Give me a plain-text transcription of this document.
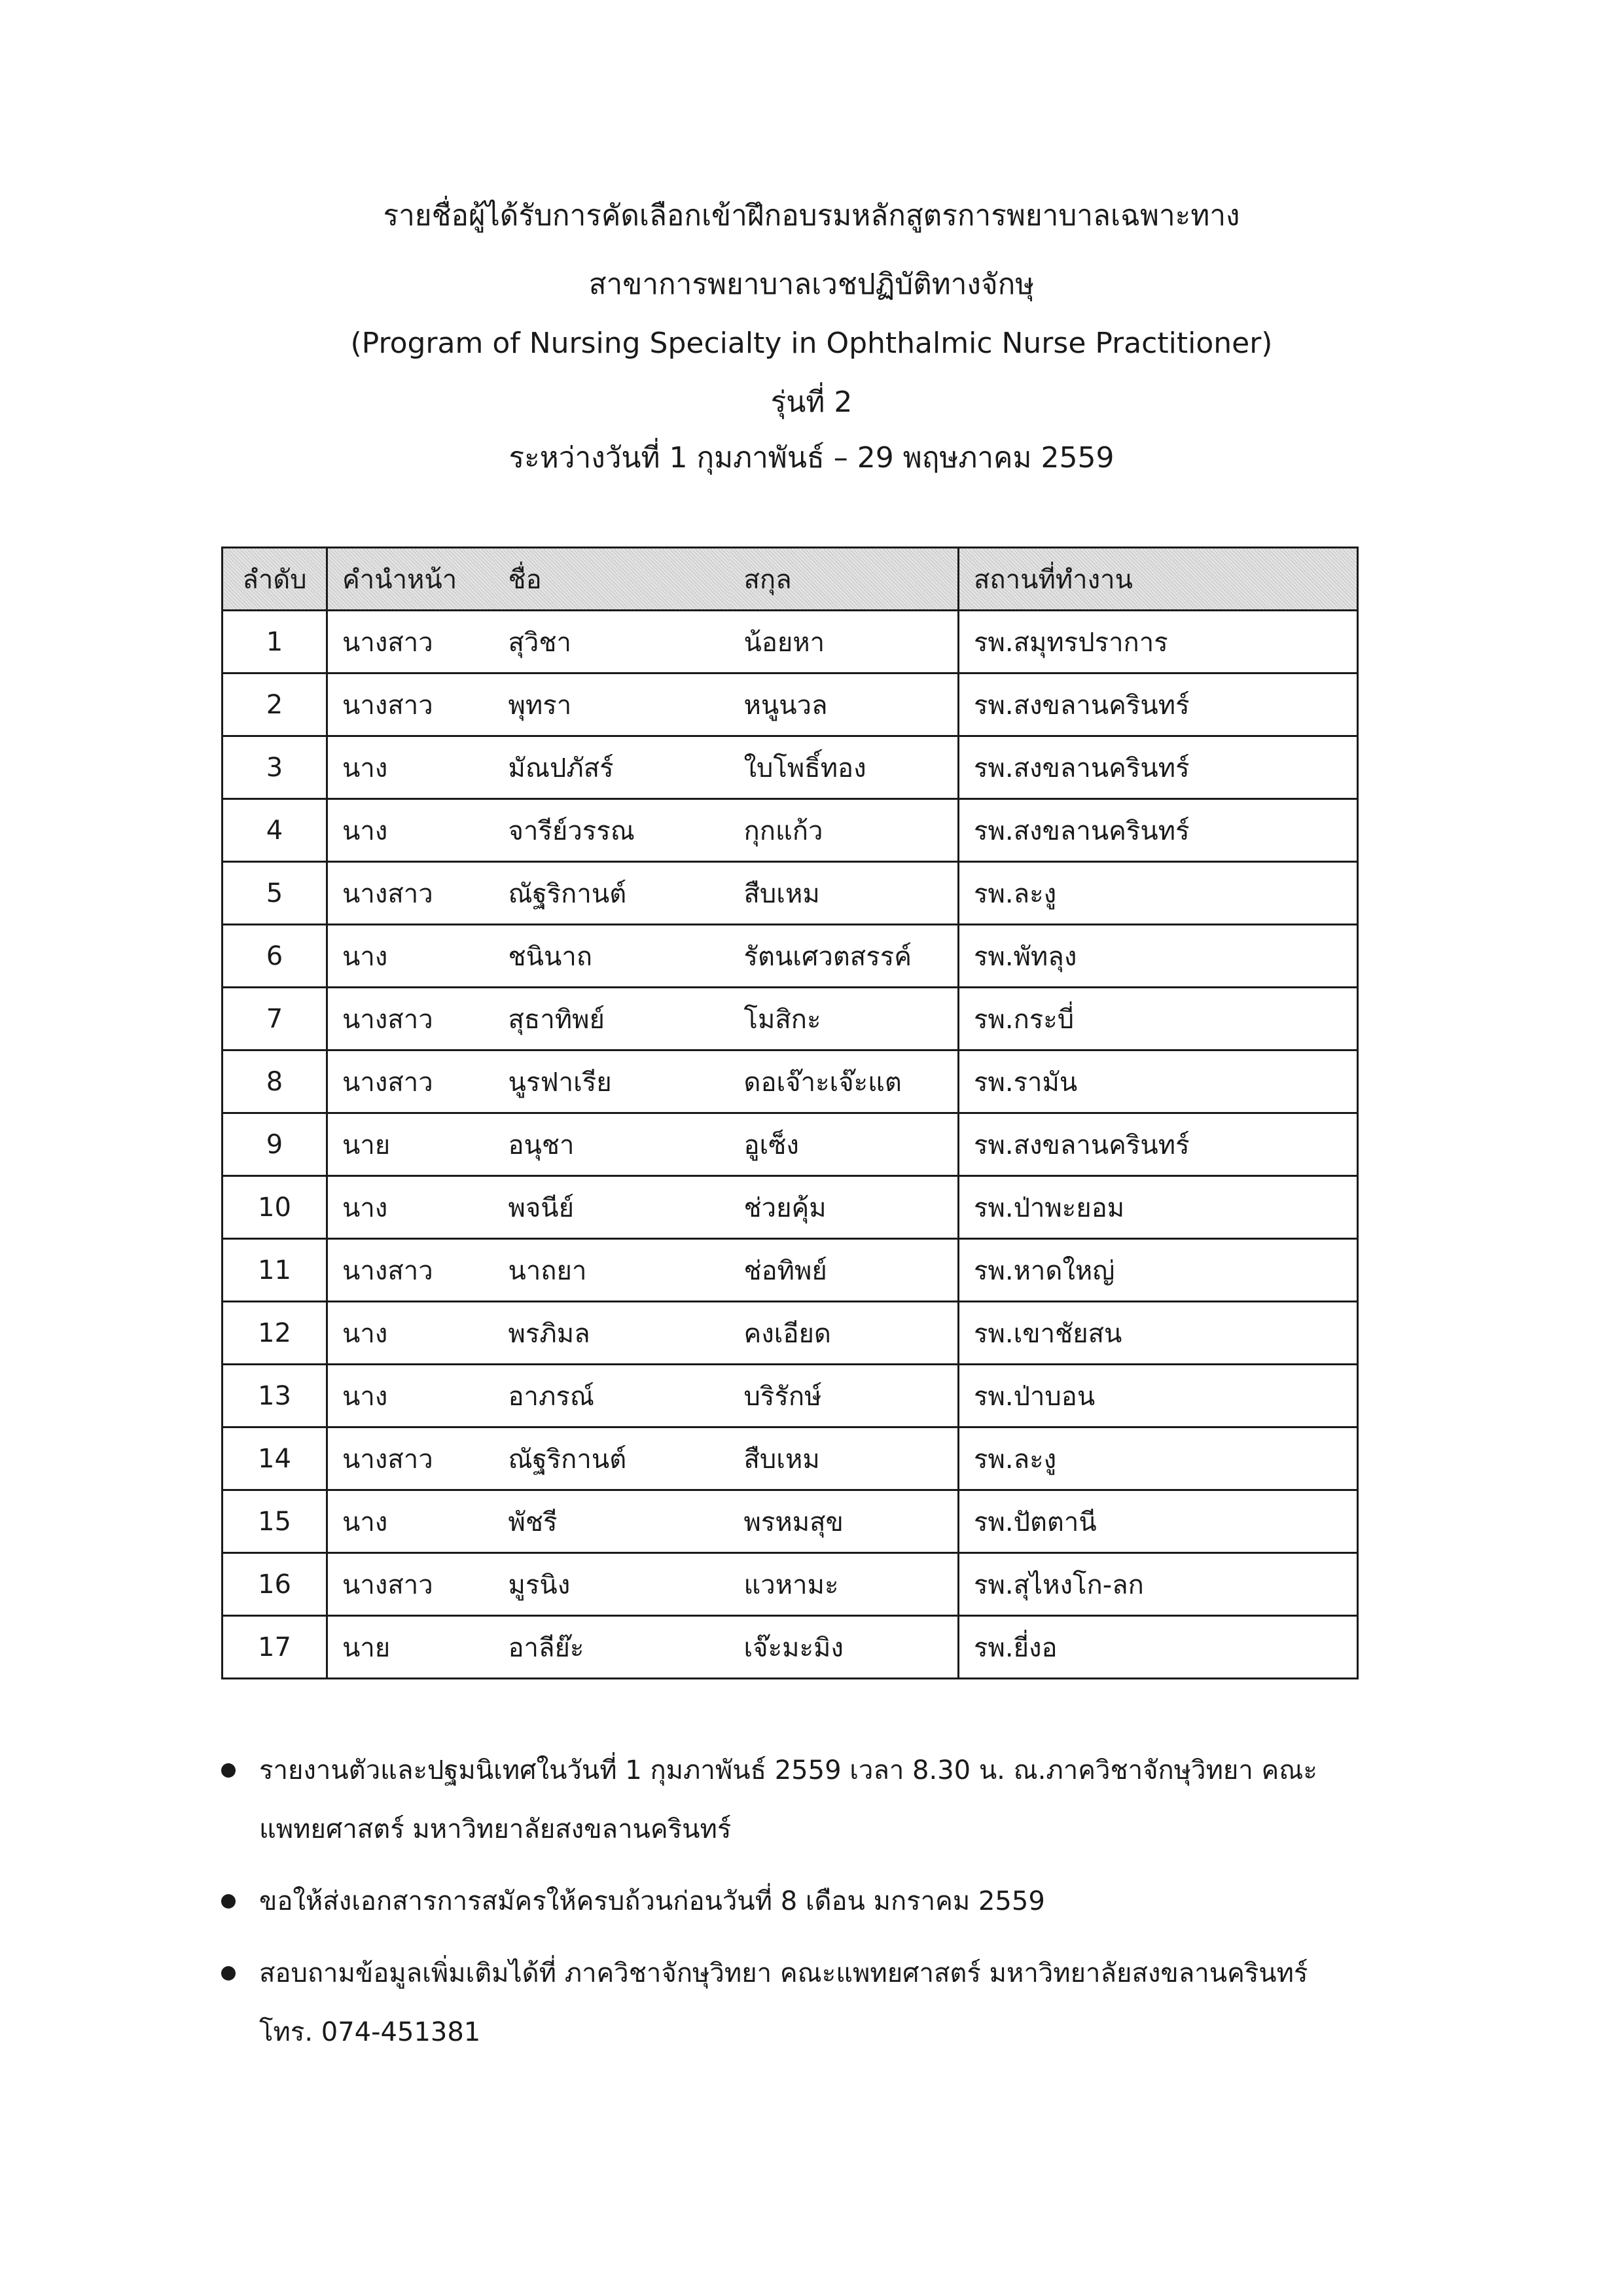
รายชื่อผู้ได้รับการคัดเลือกเข้าฝึกอบรมหลักสูตรการพยาบาลเฉพาะทาง
สาขาการพยาบาลเวชปฏิบัติทางจักษุ
(Program of Nursing Specialty in Ophthalmic Nurse Practitioner)
รุ่นที่ 2
ระหว่างวันที่ 1 กุมภาพันธ์ – 29 พฤษภาคม 2559
ลำดับ	คำนำหน้า	ชื่อ	สกุล	สถานที่ทำงาน
1	นางสาว	สุวิชา	น้อยหา	รพ.สมุทรปราการ
2	นางสาว	พุทรา	หนูนวล	รพ.สงขลานครินทร์
3	นาง	มัณปภัสร์	ใบโพธิ์ทอง	รพ.สงขลานครินทร์
4	นาง	จารีย์วรรณ	กุกแก้ว	รพ.สงขลานครินทร์
5	นางสาว	ณัฐริกานต์	สืบเหม	รพ.ละงู
6	นาง	ชนินาถ	รัตนเศวตสรรค์	รพ.พัทลุง
7	นางสาว	สุธาทิพย์	โมสิกะ	รพ.กระบี่
8	นางสาว	นูรฟาเรีย	ดอเจ๊าะเจ๊ะแต	รพ.รามัน
9	นาย	อนุชา	อูเซ็ง	รพ.สงขลานครินทร์
10	นาง	พจนีย์	ช่วยคุ้ม	รพ.ป่าพะยอม
11	นางสาว	นาถยา	ช่อทิพย์	รพ.หาดใหญ่
12	นาง	พรภิมล	คงเอียด	รพ.เขาชัยสน
13	นาง	อาภรณ์	บริรักษ์	รพ.ป่าบอน
14	นางสาว	ณัฐริกานต์	สืบเหม	รพ.ละงู
15	นาง	พัชรี	พรหมสุข	รพ.ปัตตานี
16	นางสาว	มูรนิง	แวหามะ	รพ.สุไหงโก-ลก
17	นาย	อาลีย๊ะ	เจ๊ะมะมิง	รพ.ยี่งอ
รายงานตัวและปฐมนิเทศในวันที่ 1 กุมภาพันธ์ 2559 เวลา 8.30 น. ณ.ภาควิชาจักษุวิทยา คณะ
แพทยศาสตร์ มหาวิทยาลัยสงขลานครินทร์
ขอให้ส่งเอกสารการสมัครให้ครบถ้วนก่อนวันที่ 8 เดือน มกราคม 2559
สอบถามข้อมูลเพิ่มเติมได้ที่ ภาควิชาจักษุวิทยา คณะแพทยศาสตร์ มหาวิทยาลัยสงขลานครินทร์
โทร. 074-451381
